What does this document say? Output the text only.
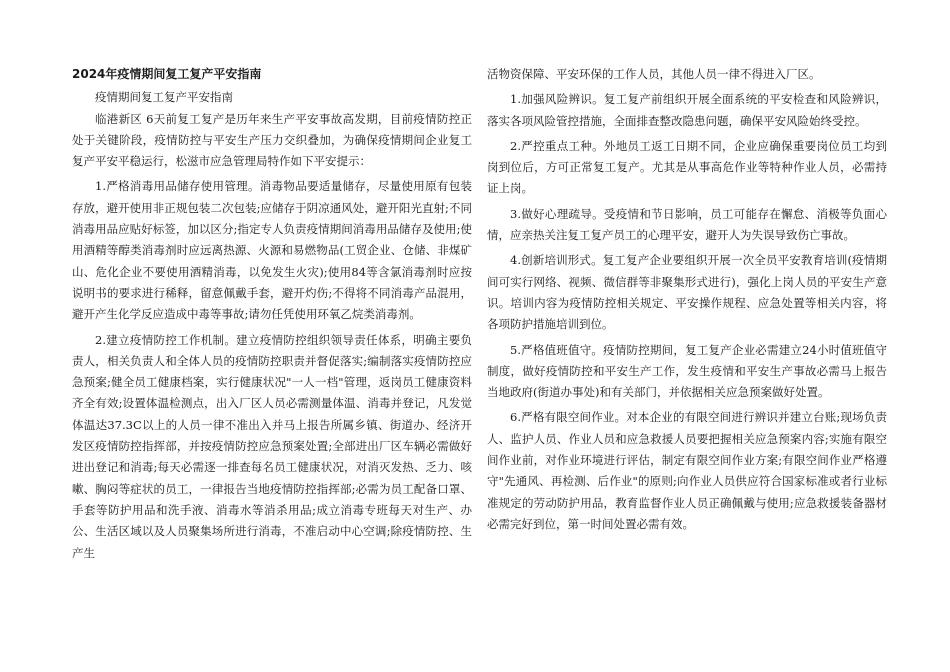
2024年疫情期间复工复产平安指南

疫情期间复工复产平安指南

临港新区 6天前复工复产是历年来生产平安事故高发期，目前疫情防控正处于关键阶段，疫情防控与平安生产压力交织叠加，为确保疫情期间企业复工复产平安平稳运行，松滋市应急管理局特作如下平安提示：

1.严格消毒用品储存使用管理。消毒物品要适量储存，尽量使用原有包装存放，避开使用非正规包装二次包装;应储存于阴凉通风处，避开阳光直射;不同消毒用品应贴好标签，加以区分;指定专人负责疫情期间消毒用品储存及使用;使用酒精等醇类消毒剂时应远离热源、火源和易燃物品(工贸企业、仓储、非煤矿山、危化企业不要使用酒精消毒，以免发生火灾);使用84等含氯消毒剂时应按说明书的要求进行稀释，留意佩戴手套，避开灼伤;不得将不同消毒产品混用，避开产生化学反应造成中毒等事故;请勿任凭使用环氧乙烷类消毒剂。

2.建立疫情防控工作机制。建立疫情防控组织领导责任体系，明确主要负责人，相关负责人和全体人员的疫情防控职责并督促落实;编制落实疫情防控应急预案;健全员工健康档案，实行健康状况"一人一档"管理，返岗员工健康资料齐全有效;设置体温检测点，出入厂区人员必需测量体温、消毒并登记，凡发觉体温达37.3C以上的人员一律不准出入并马上报告所属乡镇、街道办、经济开发区疫情防控指挥部，并按疫情防控应急预案处置;全部进出厂区车辆必需做好进出登记和消毒;每天必需逐一排查每名员工健康状况，对消灭发热、乏力、咳嗽、胸闷等症状的员工，一律报告当地疫情防控指挥部;必需为员工配备口罩、手套等防护用品和洗手液、消毒水等消杀用品;成立消毒专班每天对生产、办公、生活区域以及人员聚集场所进行消毒，不准启动中心空调;除疫情防控、生产生

活物资保障、平安环保的工作人员，其他人员一律不得进入厂区。

1.加强风险辨识。复工复产前组织开展全面系统的平安检查和风险辨识，落实各项风险管控措施，全面排查整改隐患问题，确保平安风险始终受控。

2.严控重点工种。外地员工返工日期不同，企业应确保重要岗位员工均到岗到位后，方可正常复工复产。尤其是从事高危作业等特种作业人员，必需持证上岗。

3.做好心理疏导。受疫情和节日影响，员工可能存在懈怠、消极等负面心情，应亲热关注复工复产员工的心理平安，避开人为失误导致伤亡事故。

4.创新培训形式。复工复产企业要组织开展一次全员平安教育培训(疫情期间可实行网络、视频、微信群等非聚集形式进行)，强化上岗人员的平安生产意识。培训内容为疫情防控相关规定、平安操作规程、应急处置等相关内容，将各项防护措施培训到位。

5.严格值班值守。疫情防控期间，复工复产企业必需建立24小时值班值守制度，做好疫情防控和平安生产工作，发生疫情和平安生产事故必需马上报告当地政府(街道办事处)和有关部门，并依据相关应急预案做好处置。

6.严格有限空间作业。对本企业的有限空间进行辨识并建立台账;现场负责人、监护人员、作业人员和应急救援人员要把握相关应急预案内容;实施有限空间作业前，对作业环境进行评估，制定有限空间作业方案;有限空间作业严格遵守"先通风、再检测、后作业"的原则;向作业人员供应符合国家标准或者行业标准规定的劳动防护用品，教育监督作业人员正确佩戴与使用;应急救援装备器材必需完好到位，第一时间处置必需有效。
